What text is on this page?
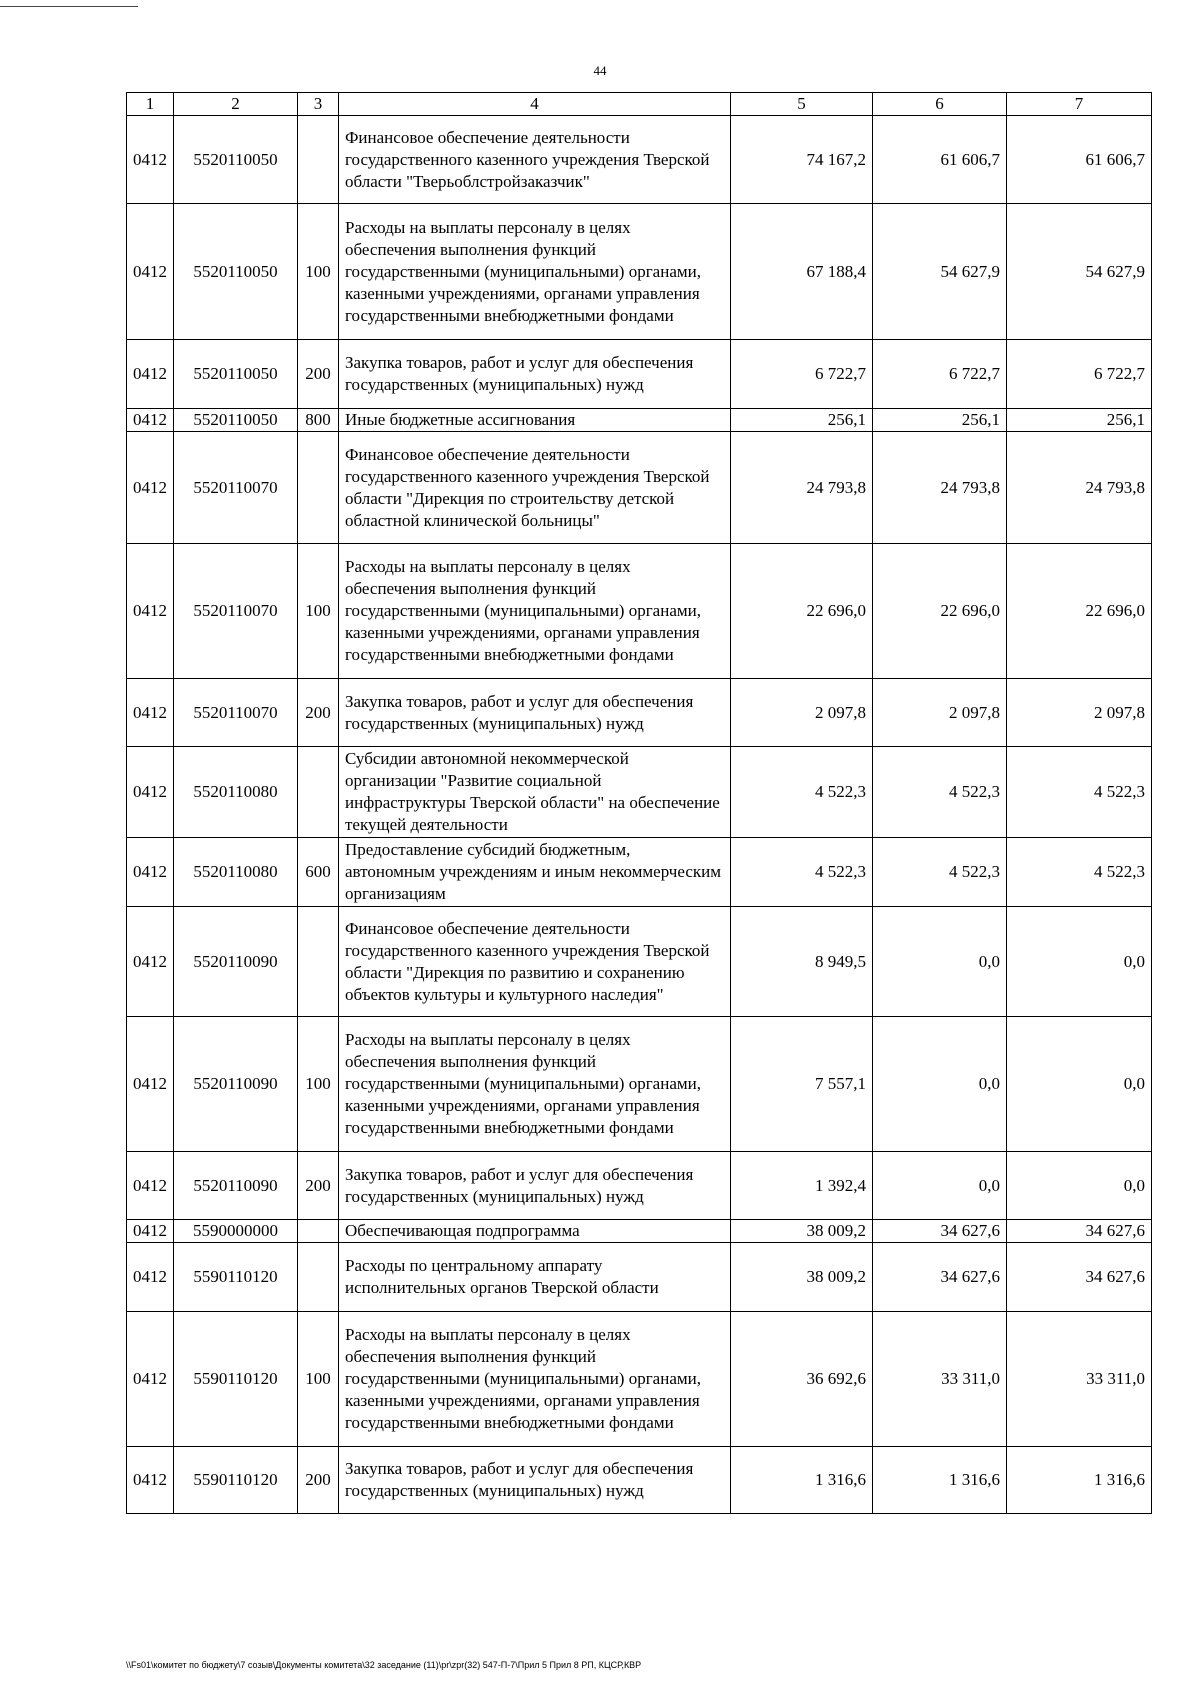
44
1	2	3	4	5	6	7
0412	5520110050		Финансовое обеспечение деятельности государственного казенного учреждения Тверской области "Тверьоблстройзаказчик"	74 167,2	61 606,7	61 606,7
0412	5520110050	100	Расходы на выплаты персоналу в целях обеспечения выполнения функций государственными (муниципальными) органами, казенными учреждениями, органами управления государственными внебюджетными фондами	67 188,4	54 627,9	54 627,9
0412	5520110050	200	Закупка товаров, работ и услуг для обеспечения государственных (муниципальных) нужд	6 722,7	6 722,7	6 722,7
0412	5520110050	800	Иные бюджетные ассигнования	256,1	256,1	256,1
0412	5520110070		Финансовое обеспечение деятельности государственного казенного учреждения Тверской области "Дирекция по строительству детской областной клинической больницы"	24 793,8	24 793,8	24 793,8
0412	5520110070	100	Расходы на выплаты персоналу в целях обеспечения выполнения функций государственными (муниципальными) органами, казенными учреждениями, органами управления государственными внебюджетными фондами	22 696,0	22 696,0	22 696,0
0412	5520110070	200	Закупка товаров, работ и услуг для обеспечения государственных (муниципальных) нужд	2 097,8	2 097,8	2 097,8
0412	5520110080		Субсидии автономной некоммерческой организации "Развитие социальной инфраструктуры Тверской области" на обеспечение текущей деятельности	4 522,3	4 522,3	4 522,3
0412	5520110080	600	Предоставление субсидий бюджетным, автономным учреждениям и иным некоммерческим организациям	4 522,3	4 522,3	4 522,3
0412	5520110090		Финансовое обеспечение деятельности государственного казенного учреждения Тверской области "Дирекция по развитию и сохранению объектов культуры и культурного наследия"	8 949,5	0,0	0,0
0412	5520110090	100	Расходы на выплаты персоналу в целях обеспечения выполнения функций государственными (муниципальными) органами, казенными учреждениями, органами управления государственными внебюджетными фондами	7 557,1	0,0	0,0
0412	5520110090	200	Закупка товаров, работ и услуг для обеспечения государственных (муниципальных) нужд	1 392,4	0,0	0,0
0412	5590000000		Обеспечивающая подпрограмма	38 009,2	34 627,6	34 627,6
0412	5590110120		Расходы по центральному аппарату исполнительных органов Тверской области	38 009,2	34 627,6	34 627,6
0412	5590110120	100	Расходы на выплаты персоналу в целях обеспечения выполнения функций государственными (муниципальными) органами, казенными учреждениями, органами управления государственными внебюджетными фондами	36 692,6	33 311,0	33 311,0
0412	5590110120	200	Закупка товаров, работ и услуг для обеспечения государственных (муниципальных) нужд	1 316,6	1 316,6	1 316,6
\\Fs01\комитет по бюджету\7 созыв\Документы комитета\32 заседание (11)\pr\zpr(32) 547-П-7\Прил 5 Прил 8 РП, КЦСР,КВР
